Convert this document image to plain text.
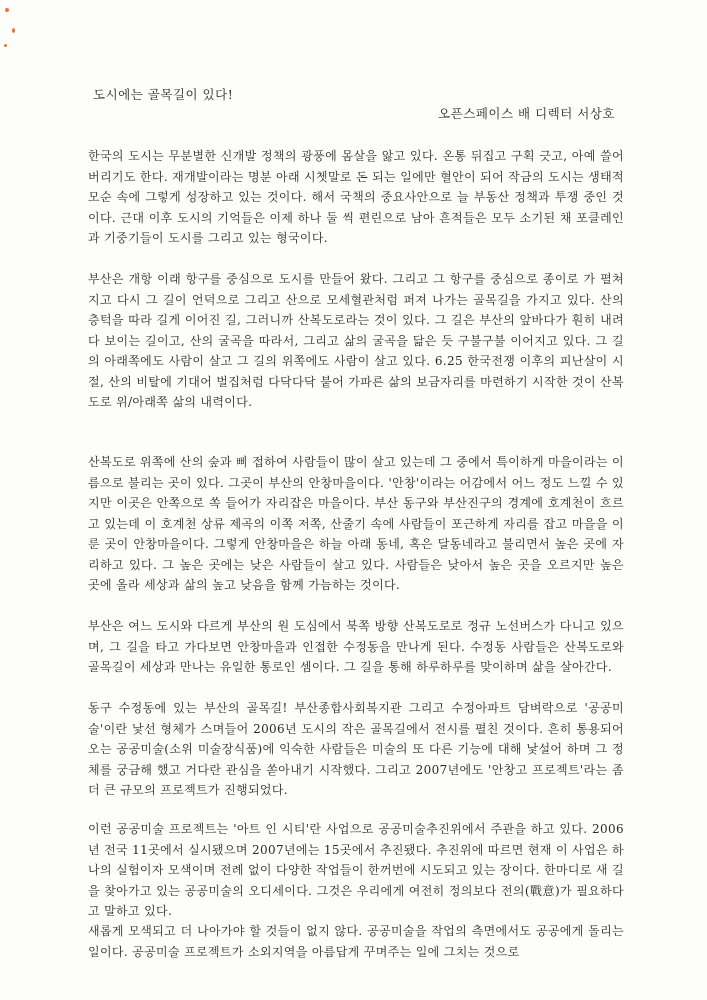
도시에는 골목길이 있다!

오픈스페이스 배 디렉터 서상호

한국의 도시는 무분별한 신개발 정책의 광풍에 몸살을 앓고 있다. 온통 뒤집고 구획 긋고, 아예 쓸어버리기도 한다. 재개발이라는 명분 아래 시쳇말로 돈 되는 일에만 혈안이 되어 작금의 도시는 생태적 모순 속에 그렇게 성장하고 있는 것이다. 해서 국책의 중요사안으로 늘 부동산 정책과 투쟁 중인 것이다. 근대 이후 도시의 기억들은 이제 하나 둘 씩 편린으로 남아 흔적들은 모두 소기된 채 포클레인과 기중기들이 도시를 그리고 있는 형국이다.

부산은 개항 이래 항구를 중심으로 도시를 만들어 왔다. 그리고 그 항구를 중심으로 종이로 가 펼쳐지고 다시 그 길이 언덕으로 그리고 산으로 모세혈관처럼 퍼져 나가는 골목길을 가지고 있다. 산의 층턱을 따라 길게 이어진 길, 그러니까 산복도로라는 것이 있다. 그 길은 부산의 앞바다가 훤히 내려다 보이는 길이고, 산의 굴곡을 따라서, 그리고 삶의 굴곡을 닮은 듯 구불구불 이어지고 있다. 그 길의 아래쪽에도 사람이 살고 그 길의 위쪽에도 사람이 살고 있다. 6.25 한국전쟁 이후의 피난살이 시절, 산의 비탈에 기대어 벌집처럼 다닥다닥 붙어 가파른 삶의 보금자리를 마련하기 시작한 것이 산복도로 위/아래쪽 삶의 내력이다.

산복도로 위쪽에 산의 숲과 삐 접하여 사람들이 많이 살고 있는데 그 중에서 특이하게 마을이라는 이름으로 불리는 곳이 있다. 그곳이 부산의 안창마을이다. '안창'이라는 어감에서 어느 정도 느낄 수 있지만 이곳은 안쪽으로 쏙 들어가 자리잡은 마을이다. 부산 동구와 부산진구의 경계에 호계천이 흐르고 있는데 이 호계천 상류 제곡의 이쪽 저쪽, 산줄기 속에 사람들이 포근하게 자리를 잡고 마을을 이룬 곳이 안창마을이다. 그렇게 안창마을은 하늘 아래 동네, 혹은 달동네라고 불리면서 높은 곳에 자리하고 있다. 그 높은 곳에는 낮은 사람들이 살고 있다. 사람들은 낮아서 높은 곳을 오르지만 높은 곳에 올라 세상과 삶의 높고 낮음을 함께 가늠하는 것이다.

부산은 여느 도시와 다르게 부산의 원 도심에서 북쪽 방향 산복도로로 정규 노선버스가 다니고 있으며, 그 길을 타고 가다보면 안창마을과 인접한 수정동을 만나게 된다. 수정동 사람들은 산복도로와 골목길이 세상과 만나는 유일한 통로인 셈이다. 그 길을 통해 하루하루를 맞이하며 삶을 살아간다.

동구 수정동에 있는 부산의 골목길! 부산종합사회복지관 그리고 수정아파트 담벼락으로 '공공미술'이란 낯선 형체가 스며들어 2006년 도시의 작은 골목길에서 전시를 펼친 것이다. 흔히 통용되어 오는 공공미술(소위 미술장식품)에 익숙한 사람들은 미술의 또 다른 기능에 대해 낯설어 하며 그 정체를 궁금해 했고 거다란 관심을 쏟아내기 시작했다. 그리고 2007년에도 '안창고 프로젝트'라는 좀 더 큰 규모의 프로젝트가 진행되었다.

이런 공공미술 프로젝트는 '아트 인 시티'란 사업으로 공공미술추진위에서 주관을 하고 있다. 2006년 전국 11곳에서 실시됐으며 2007년에는 15곳에서 추진됐다. 추진위에 따르면 현재 이 사업은 하나의 실험이자 모색이며 전례 없이 다양한 작업들이 한꺼번에 시도되고 있는 장이다. 한마디로 새 길을 찾아가고 있는 공공미술의 오디세이다. 그것은 우리에게 여전히 정의보다 전의(戰意)가 필요하다고 말하고 있다.

새롭게 모색되고 더 나아가야 할 것들이 없지 않다. 공공미술을 작업의 측면에서도 공공에게 돌리는 일이다. 공공미술 프로젝트가 소외지역을 아름답게 꾸며주는 일에 그치는 것으로
